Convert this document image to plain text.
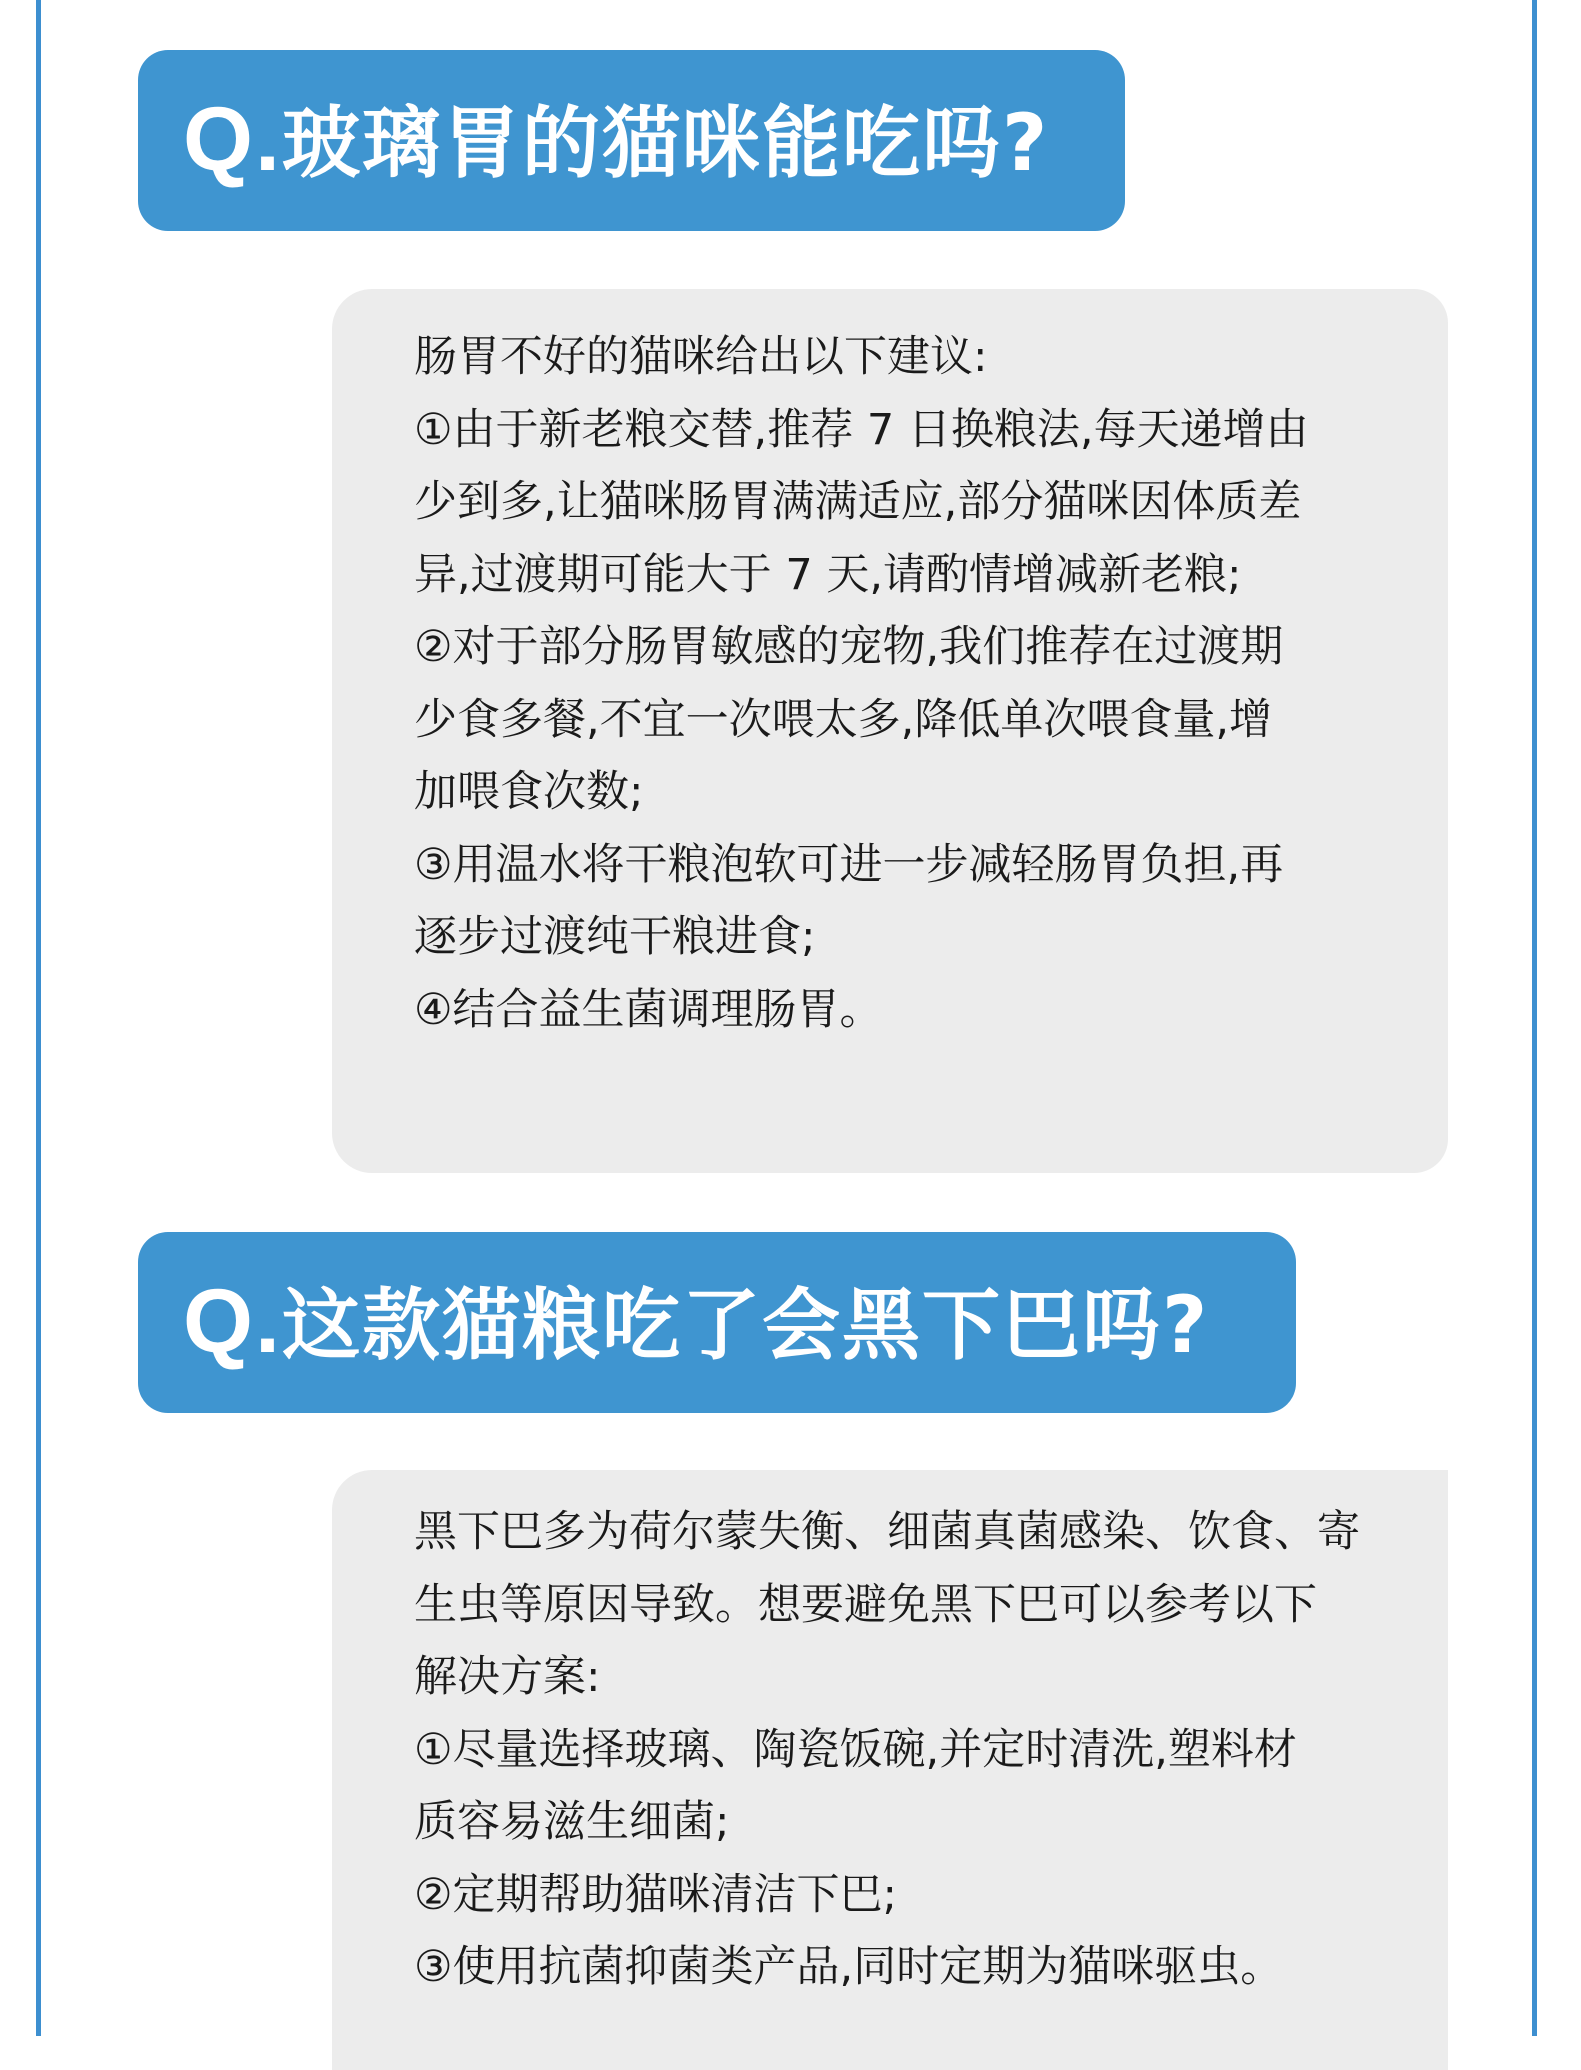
Q.玻璃胃的猫咪能吃吗?
肠胃不好的猫咪给出以下建议:
①由于新老粮交替,推荐 7 日换粮法,每天递增由
少到多,让猫咪肠胃满满适应,部分猫咪因体质差
异,过渡期可能大于 7 天,请酌情增减新老粮;
②对于部分肠胃敏感的宠物,我们推荐在过渡期
少食多餐,不宜一次喂太多,降低单次喂食量,增
加喂食次数;
③用温水将干粮泡软可进一步减轻肠胃负担,再
逐步过渡纯干粮进食;
④结合益生菌调理肠胃。
Q.这款猫粮吃了会黑下巴吗?
黑下巴多为荷尔蒙失衡、细菌真菌感染、饮食、寄
生虫等原因导致。想要避免黑下巴可以参考以下
解决方案:
①尽量选择玻璃、陶瓷饭碗,并定时清洗,塑料材
质容易滋生细菌;
②定期帮助猫咪清洁下巴;
③使用抗菌抑菌类产品,同时定期为猫咪驱虫。
